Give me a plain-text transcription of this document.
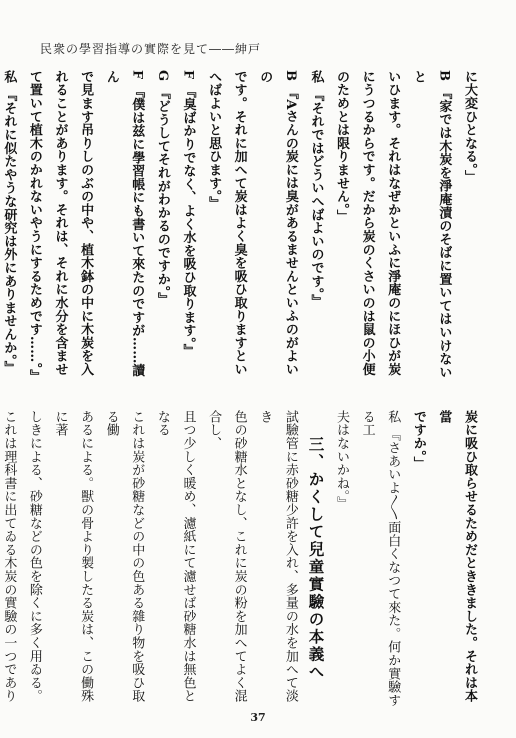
民衆の學習指導の實際を見て――紳戸
に大変ひとなる。」
B 『家では木炭を淨庵漬のそばに置いてはいけないと
いひます。それはなぜかといふに淨庵のにほひが炭
にうつるからです。だから炭のくさいのは鼠の小便
のためとは限りません。」
私 『それではどういへばよいのです。』
B 『Aさんの炭には臭があるませんといふのがよいの
です。それに加へて炭はよく臭を吸ひ取りますとい
へばよいと思ひます。』
F 『臭ばかりでなく、よく水を吸ひ取ります。』
G 『どうしてそれがわかるのですか。』
F 『僕は兹に學習帳にも書いて來たのですが……讀ん
で見ます吊りしのぶの中や、植木鉢の中に木炭を入
れることがあります。それは、それに水分を含ませ
て置いて植木のかれないやうにするためです……。』
私 『それに似たやうな研究は外にありませんか。』
炭に吸ひ取らせるためだとききました。それは本當
ですか。」
私 『さあいよ〳〵面白くなつて來た。何か實驗する工
夫はないかね。』
三、かくして兒童實驗の本義へ
試驗管に赤砂糖少許を入れ、多量の水を加へて淡き
色の砂糖水となし、これに炭の粉を加へてよく混合し、
且つ少しく暖め、濾紙にて濾せば砂糖水は無色となる
これは炭が砂糖などの中の色ある雜り物を吸ひ取る働
あるによる。獸の骨より製したる炭は、この働殊に著
しきによる、砂糖などの色を除くに多く用ゐる。
これは理科書に出てゐる木炭の實驗の一つであり
37
